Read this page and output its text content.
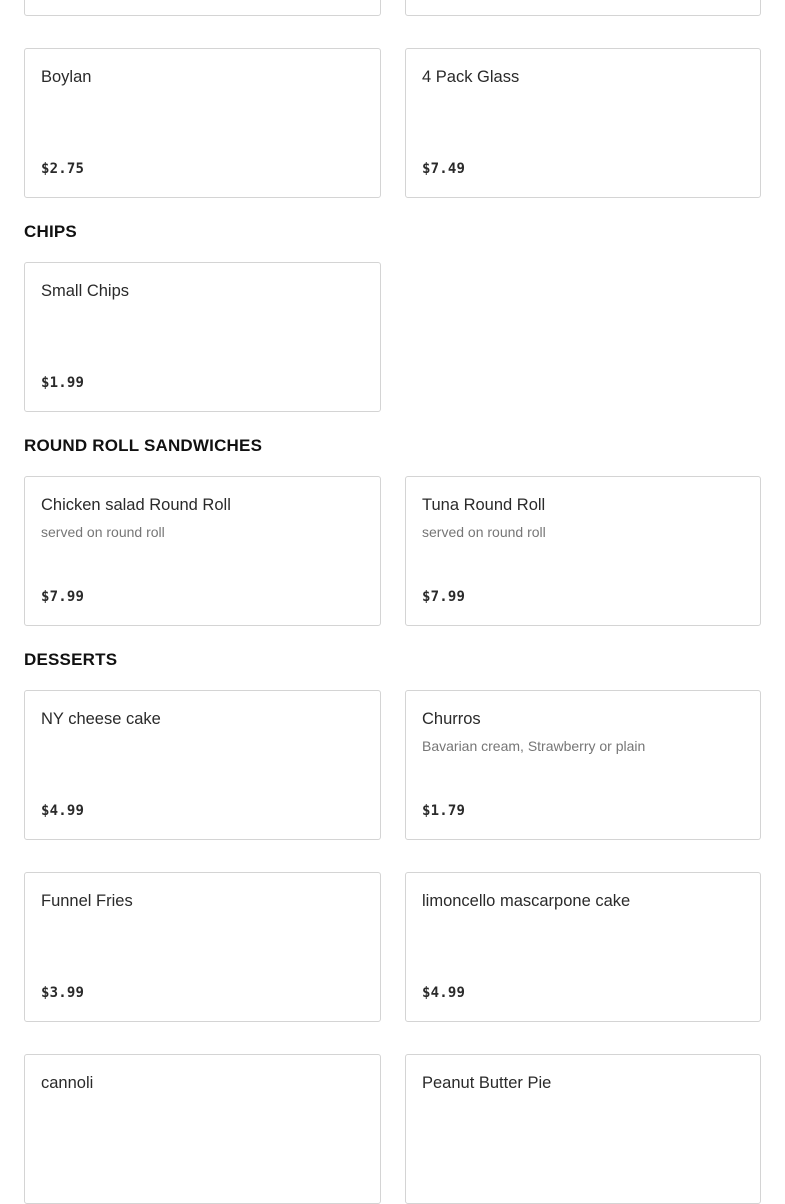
Boylan
$2.75
4 Pack Glass
$7.49
CHIPS
Small Chips
$1.99
ROUND ROLL SANDWICHES
Chicken salad Round Roll
served on round roll
$7.99
Tuna Round Roll
served on round roll
$7.99
DESSERTS
NY cheese cake
$4.99
Churros
Bavarian cream, Strawberry or plain
$1.79
Funnel Fries
$3.99
limoncello mascarpone cake
$4.99
cannoli	Peanut Butter Pie
